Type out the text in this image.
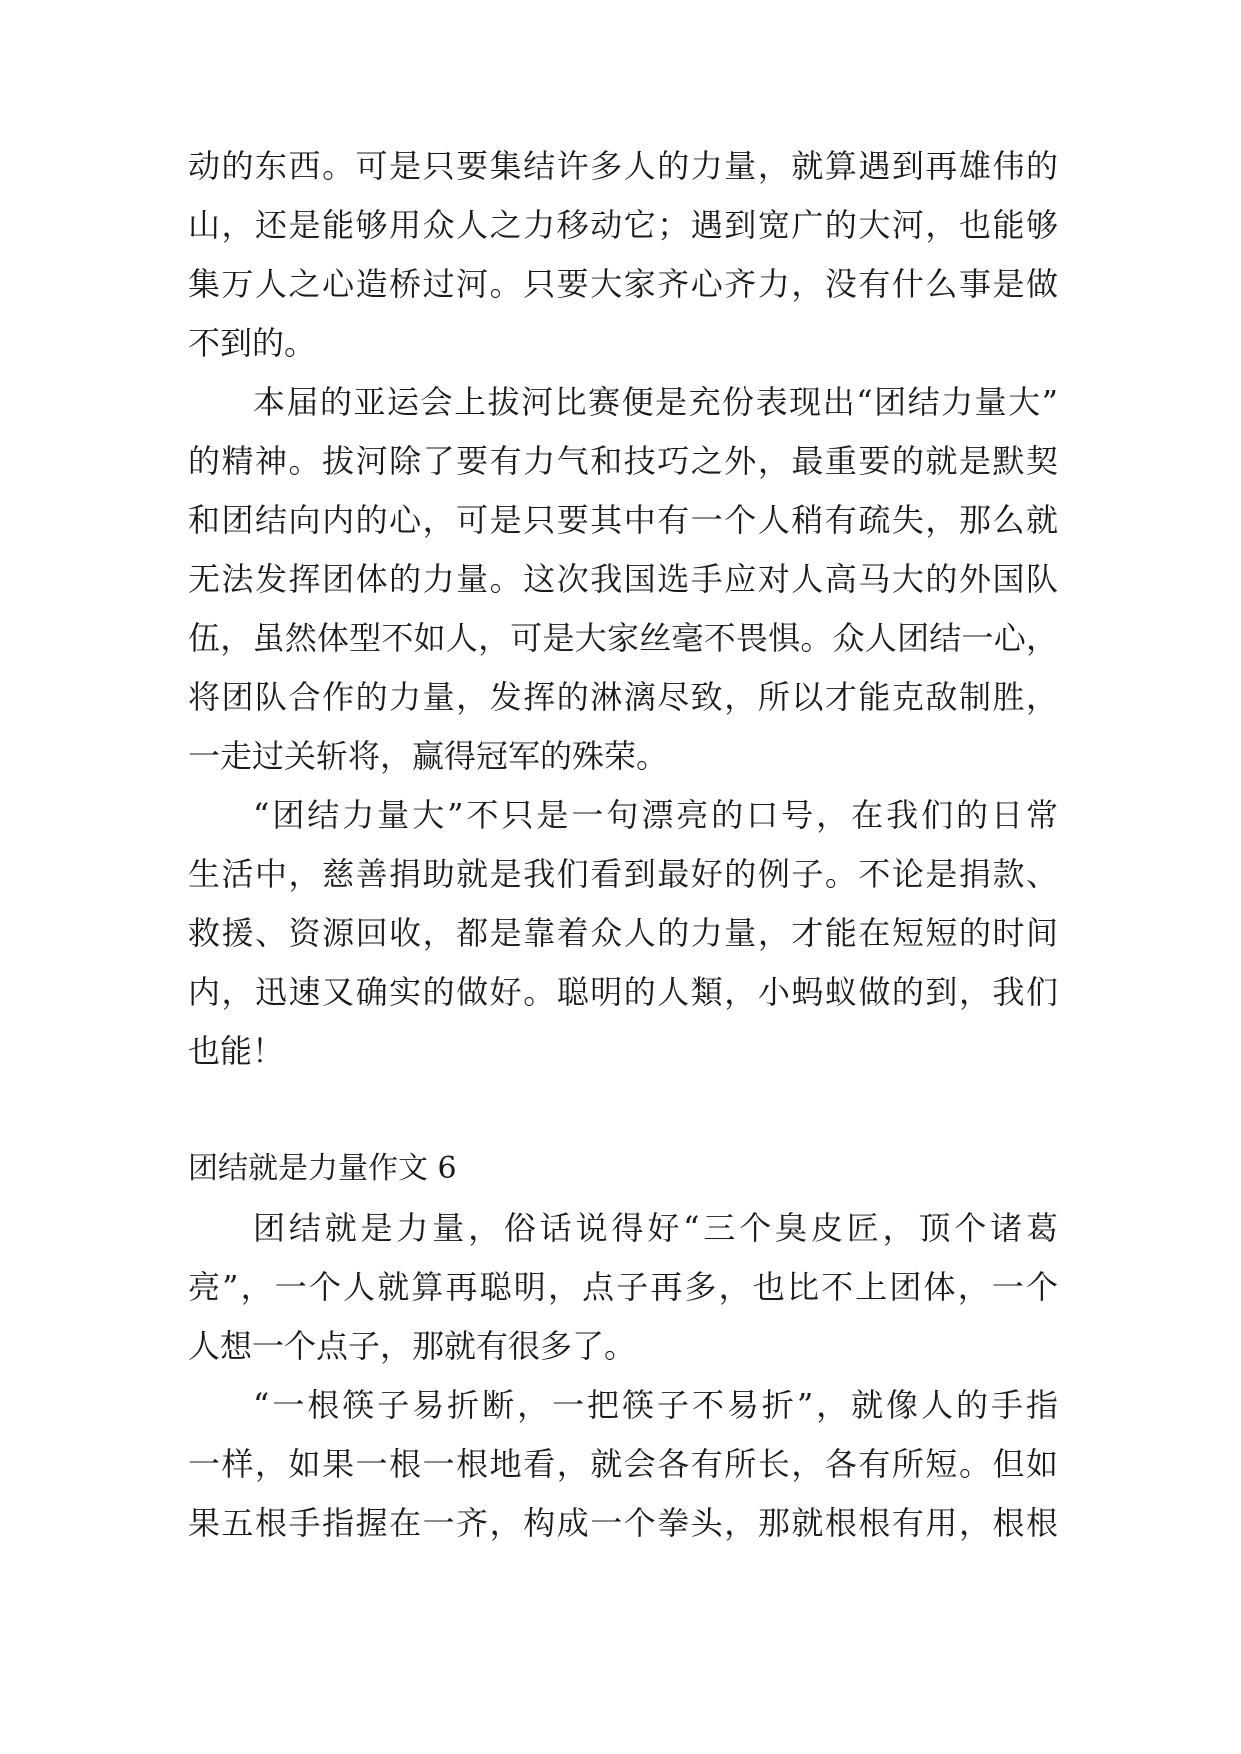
动的东西。可是只要集结许多人的力量，就算遇到再雄伟的
山，还是能够用众人之力移动它；遇到宽广的大河，也能够
集万人之心造桥过河。只要大家齐心齐力，没有什么事是做
不到的。
本届的亚运会上拔河比赛便是充份表现出“团结力量大”
的精神。拔河除了要有力气和技巧之外，最重要的就是默契
和团结向内的心，可是只要其中有一个人稍有疏失，那么就
无法发挥团体的力量。这次我国选手应对人高马大的外国队
伍，虽然体型不如人，可是大家丝毫不畏惧。众人团结一心，
将团队合作的力量，发挥的淋漓尽致，所以才能克敌制胜，
一走过关斩将，赢得冠军的殊荣。
“团结力量大”不只是一句漂亮的口号，在我们的日常
生活中，慈善捐助就是我们看到最好的例子。不论是捐款、
救援、资源回收，都是靠着众人的力量，才能在短短的时间
内，迅速又确实的做好。聪明的人類，小蚂蚁做的到，我们
也能！
团结就是力量作文 6
团结就是力量，俗话说得好“三个臭皮匠，顶个诸葛
亮”，一个人就算再聪明，点子再多，也比不上团体，一个
人想一个点子，那就有很多了。
“一根筷子易折断，一把筷子不易折”，就像人的手指
一样，如果一根一根地看，就会各有所长，各有所短。但如
果五根手指握在一齐，构成一个拳头，那就根根有用，根根
